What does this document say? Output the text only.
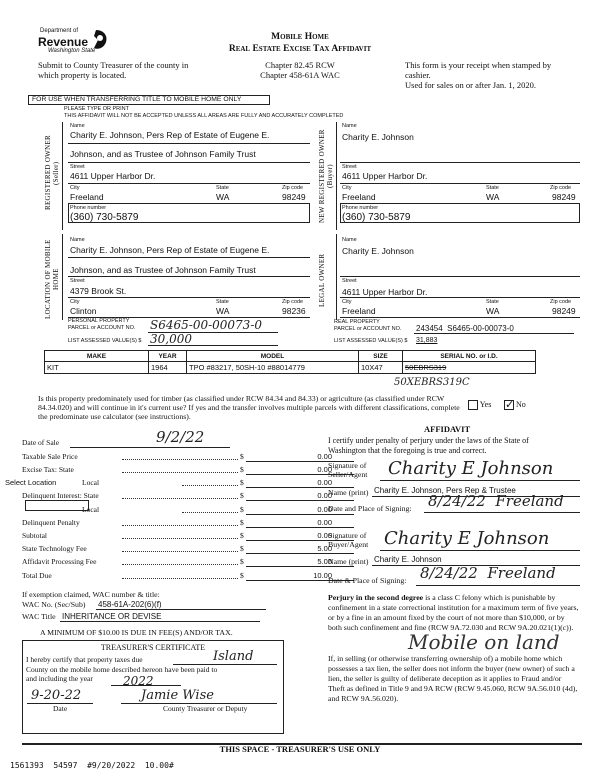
Department of
Revenue
Washington State
Submit to County Treasurer of the county in which property is located.
Mobile Home
Real Estate Excise Tax Affidavit
Chapter 82.45 RCW
Chapter 458-61A WAC
This form is your receipt when stamped by cashier.
Used for sales on or after Jan. 1, 2020.
FOR USE WHEN TRANSFERRING TITLE TO MOBILE HOME ONLY
PLEASE TYPE OR PRINT
THIS AFFIDAVIT WILL NOT BE ACCEPTED UNLESS ALL AREAS ARE FULLY AND ACCURATELY COMPLETED
REGISTERED OWNER (Seller)
Name
Charity E. Johnson, Pers Rep of Estate of Eugene E.
Johnson, and as Trustee of Johnson Family Trust
Street
4611 Upper Harbor Dr.
City	State	Zip code
Freeland	WA	98249
Phone number
(360) 730-5879	NEW REGISTERED OWNER (Buyer)
Name
Charity E. Johnson
Street
4611 Upper Harbor Dr.
City	State	Zip code
Freeland	WA	98249
Phone number
(360) 730-5879
LOCATION OF MOBILE HOME
Name
Charity E. Johnson, Pers Rep of Estate of Eugene E.
Johnson, and as Trustee of Johnson Family Trust
Street
4379 Brook St.
City	State	Zip code
Clinton	WA	98236
PERSONAL PROPERTY
PARCEL or ACCOUNT NO. S6465-00-00073-0
LIST ASSESSED VALUE(S) $ 30,000
LEGAL OWNER
Name
Charity E. Johnson
Street
4611 Upper Harbor Dr.
City	State	Zip code
Freeland	WA	98249
REAL PROPERTY
PARCEL or ACCOUNT NO. 243454  S6465-00-00073-0
LIST ASSESSED VALUE(S) $ 31,883
MAKE	YEAR	MODEL	SIZE	SERIAL NO. or I.D.
KIT	1964	TPO #83217, 50SH-10 #88014779	10X47	50EBRS319
50XEBRS319C
Is this property predominately used for timber (as classified under RCW 84.34 and 84.33) or agriculture (as classified under RCW 84.34.020) and will continue in it's current use? If yes and the transfer involves multiple parcels with different classifications, complete the predominate use calculator (see instructions).
Yes ✓ No
Date of Sale	9/2/22
Taxable Sale Price	$	0.00
Excise Tax: State	$	0.00
Local	$	0.00
Delinquent Interest: State	$	0.00
Local	$	0.00
Delinquent Penalty	$	0.00
Subtotal	$	0.00
State Technology Fee	$	5.00
Affidavit Processing Fee	$	5.00
Total Due	$	10.00
Select Location
If exemption claimed, WAC number & title:
WAC No. (Sec/Sub) 458-61A-202(6)(f)
WAC Title INHERITANCE OR DEVISE
A MINIMUM OF $10.00 IS DUE IN FEE(S) AND/OR TAX.
TREASURER'S CERTIFICATE
I hereby certify that property taxes due	Island
County on the mobile home described hereon have been paid to and including the year	2022
9-20-22	Jamie Wise
Date	County Treasurer or Deputy
AFFIDAVIT
I certify under penalty of perjury under the laws of the State of Washington that the foregoing is true and correct.
Signature of Seller/Agent	Charity E Johnson
Name (print) Charity E. Johnson, Pers Rep & Trustee
Date and Place of Signing: 8/24/22  Freeland
Signature of Buyer/Agent Charity E Johnson
Name (print) Charity E. Johnson
Date & Place of Signing: 8/24/22  Freeland
Perjury in the second degree is a class C felony which is punishable by confinement in a state correctional institution for a maximum term of five years, or by a fine in an amount fixed by the court of not more than $10,000, or by both such confinement and fine (RCW 9A.72.030 and RCW 9A.20.021(1)(c)).
Mobile on land
If, in selling (or otherwise transferring ownership of) a mobile home which possesses a tax lien, the seller does not inform the buyer (new owner) of such a lien, the seller is guilty of deliberate deception as it applies to Fraud and/or Theft as defined in Title 9 and 9A RCW (RCW 9.45.060, RCW 9A.56.010 (4d), and RCW 9A.56.020).
THIS SPACE - TREASURER'S USE ONLY
1561393  54597  #9/20/2022  10.00#
